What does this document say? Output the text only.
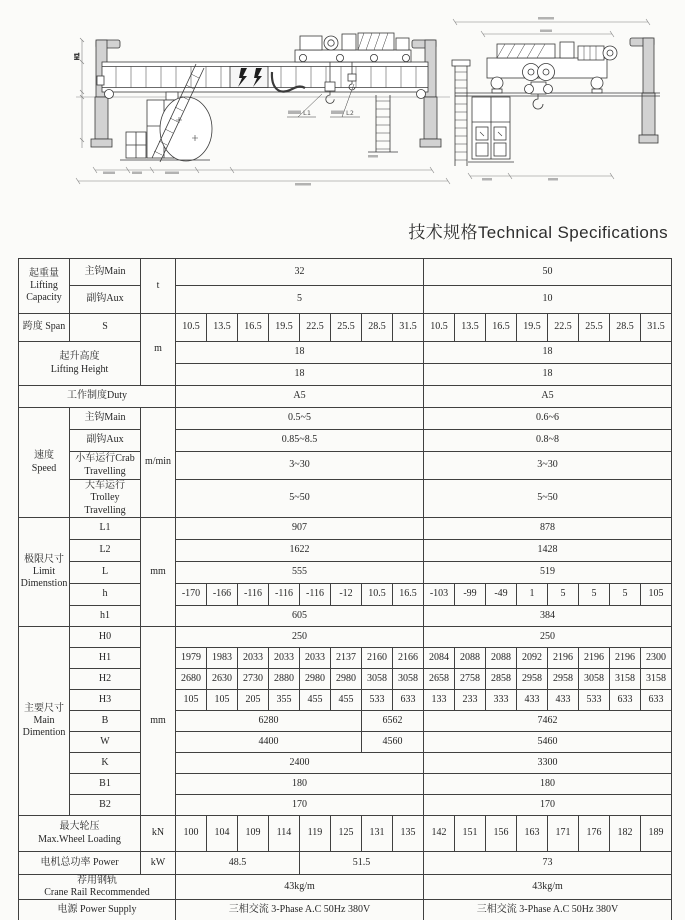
H1
L1	L2
技术规格Technical Specifications
起重量
Lifting
Capacity	主钩Main	t	32								50							
	副钩Aux		5								10							
跨度 Span	S	m	10.5	13.5	16.5	19.5	22.5	25.5	28.5	31.5	10.5	13.5	16.5	19.5	22.5	25.5	28.5	31.5
起升高度
Lifting Height			18								18							
			18								18							
工作制度Duty			A5								A5							
速度
Speed	主钩Main	m/min	0.5~5								0.6~6							
	副钩Aux		0.85~8.5								0.8~8							
	小车运行Crab
Travelling		3~30								3~30							
	大车运行
Trolley
Travelling		5~50								5~50							
极限尺寸
Limit
Dimenstion	L1	mm	907								878							
	L2		1622								1428							
	L		555								519							
	h		-170	-166	-116	-116	-116	-12	10.5	16.5	-103	-99	-49	1	5	5	5	105
	h1		605								384							
主要尺寸
Main
Dimention	H0	mm	250								250							
	H1		1979	1983	2033	2033	2033	2137	2160	2166	2084	2088	2088	2092	2196	2196	2196	2300
	H2		2680	2630	2730	2880	2980	2980	3058	3058	2658	2758	2858	2958	2958	3058	3158	3158
	H3		105	105	205	355	455	455	533	633	133	233	333	433	433	533	633	633
	B		6280						6562		7462							
	W		4400						4560		5460							
	K		2400								3300							
	B1		180								180							
	B2		170								170							
最大轮压
Max.Wheel Loading		kN	100	104	109	114	119	125	131	135	142	151	156	163	171	176	182	189
电机总功率 Power		kW	48.5				51.5				73							
荐用钢轨
Crane Rail Recommended			43kg/m								43kg/m							
电源 Power Supply			三相交流 3-Phase A.C 50Hz 380V								三相交流 3-Phase A.C 50Hz 380V							
